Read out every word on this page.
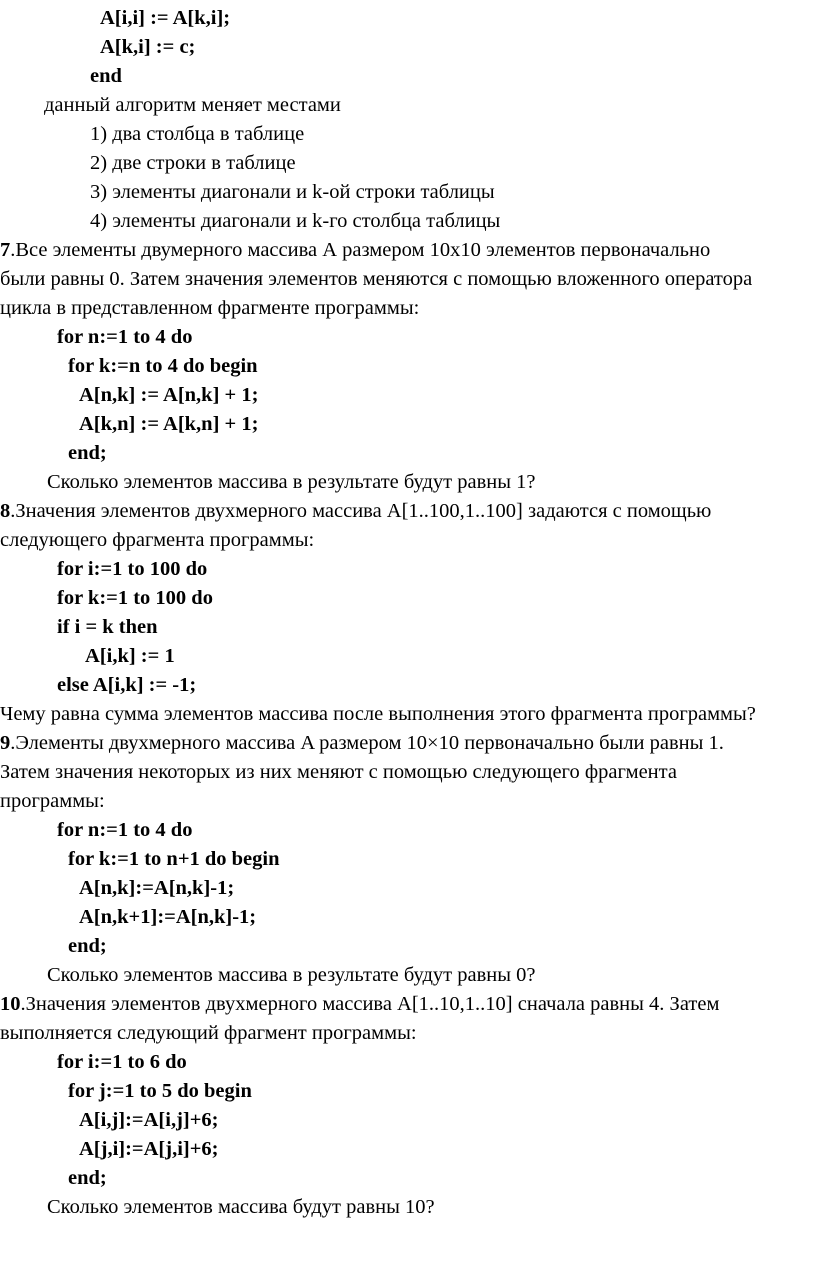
A[i,i] := A[k,i];
A[k,i] := c;
end
данный алгоритм меняет местами
1) два столбца в таблице
2) две строки в таблице
3) элементы диагонали и k-ой строки таблицы
4) элементы диагонали и k-го столбца таблицы
7.Все элементы двумерного массива А размером 10х10 элементов первоначально
были равны 0. Затем значения элементов меняются с помощью вложенного оператора
цикла в представленном фрагменте программы:
for n:=1 to 4 do
for k:=n to 4 do begin
A[n,k] := A[n,k] + 1;
A[k,n] := A[k,n] + 1;
end;
Сколько элементов массива в результате будут равны 1?
8.Значения элементов двухмерного массива A[1..100,1..100] задаются с помощью
следующего фрагмента программы:
for i:=1 to 100 do
for k:=1 to 100 do
if i = k then
A[i,k] := 1
else A[i,k] := -1;
Чему равна сумма элементов массива после выполнения этого фрагмента программы?
9.Элементы двухмерного массива A размером 10×10 первоначально были равны 1.
Затем значения некоторых из них меняют с помощью следующего фрагмента
программы:
for n:=1 to 4 do
for k:=1 to n+1 do begin
A[n,k]:=A[n,k]-1;
A[n,k+1]:=A[n,k]-1;
end;
Сколько элементов массива в результате будут равны 0?
10.Значения элементов двухмерного массива A[1..10,1..10] сначала равны 4. Затем
выполняется следующий фрагмент программы:
for i:=1 to 6 do
for j:=1 to 5 do begin
A[i,j]:=A[i,j]+6;
A[j,i]:=A[j,i]+6;
end;
Сколько элементов массива будут равны 10?
